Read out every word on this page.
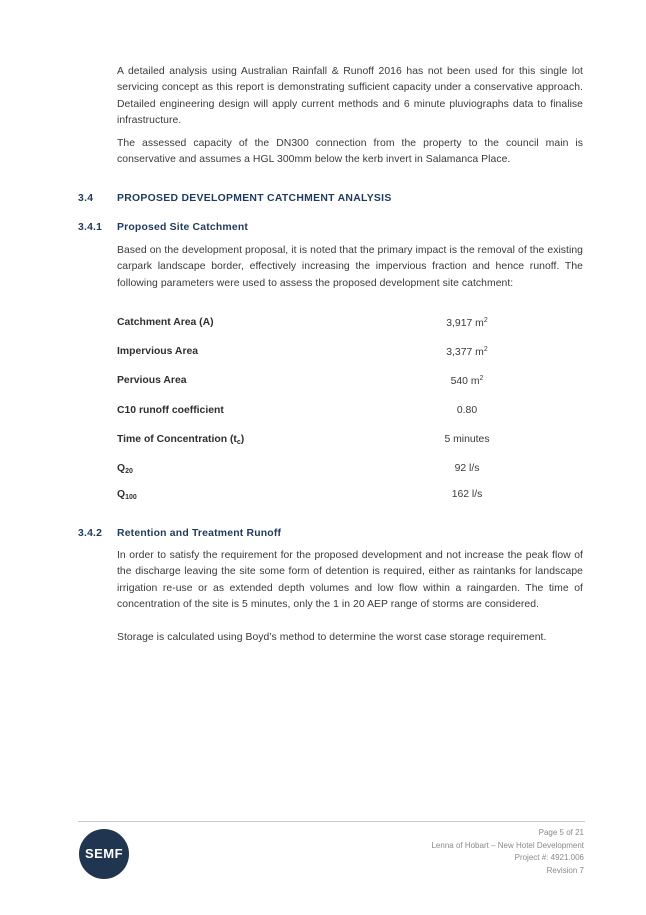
A detailed analysis using Australian Rainfall & Runoff 2016 has not been used for this single lot servicing concept as this report is demonstrating sufficient capacity under a conservative approach. Detailed engineering design will apply current methods and 6 minute pluviographs data to finalise infrastructure.

The assessed capacity of the DN300 connection from the property to the council main is conservative and assumes a HGL 300mm below the kerb invert in Salamanca Place.

3.4 PROPOSED DEVELOPMENT CATCHMENT ANALYSIS
3.4.1 Proposed Site Catchment

Based on the development proposal, it is noted that the primary impact is the removal of the existing carpark landscape border, effectively increasing the impervious fraction and hence runoff. The following parameters were used to assess the proposed development site catchment:

Catchment Area (A)	3,917 $m^2$
Impervious Area	3,377 $m^2$
Pervious Area	540 $m^2$
C10 runoff coefficient	0.80
Time of Concentration $(t_c)$	5 minutes
$Q_{20}$	92 l/s
$Q_{100}$	162 l/s
3.4.2 Retention and Treatment Runoff

In order to satisfy the requirement for the proposed development and not increase the peak flow of the discharge leaving the site some form of detention is required, either as raintanks for landscape irrigation re-use or as extended depth volumes and low flow within a raingarden. The time of concentration of the site is 5 minutes, only the 1 in 20 AEP range of storms are considered.

Storage is calculated using Boyd’s method to determine the worst case storage requirement.

SEMF
Page 5 of 21
Lenna of Hobart – New Hotel Development
Project #: 4921.006
Revision 7
